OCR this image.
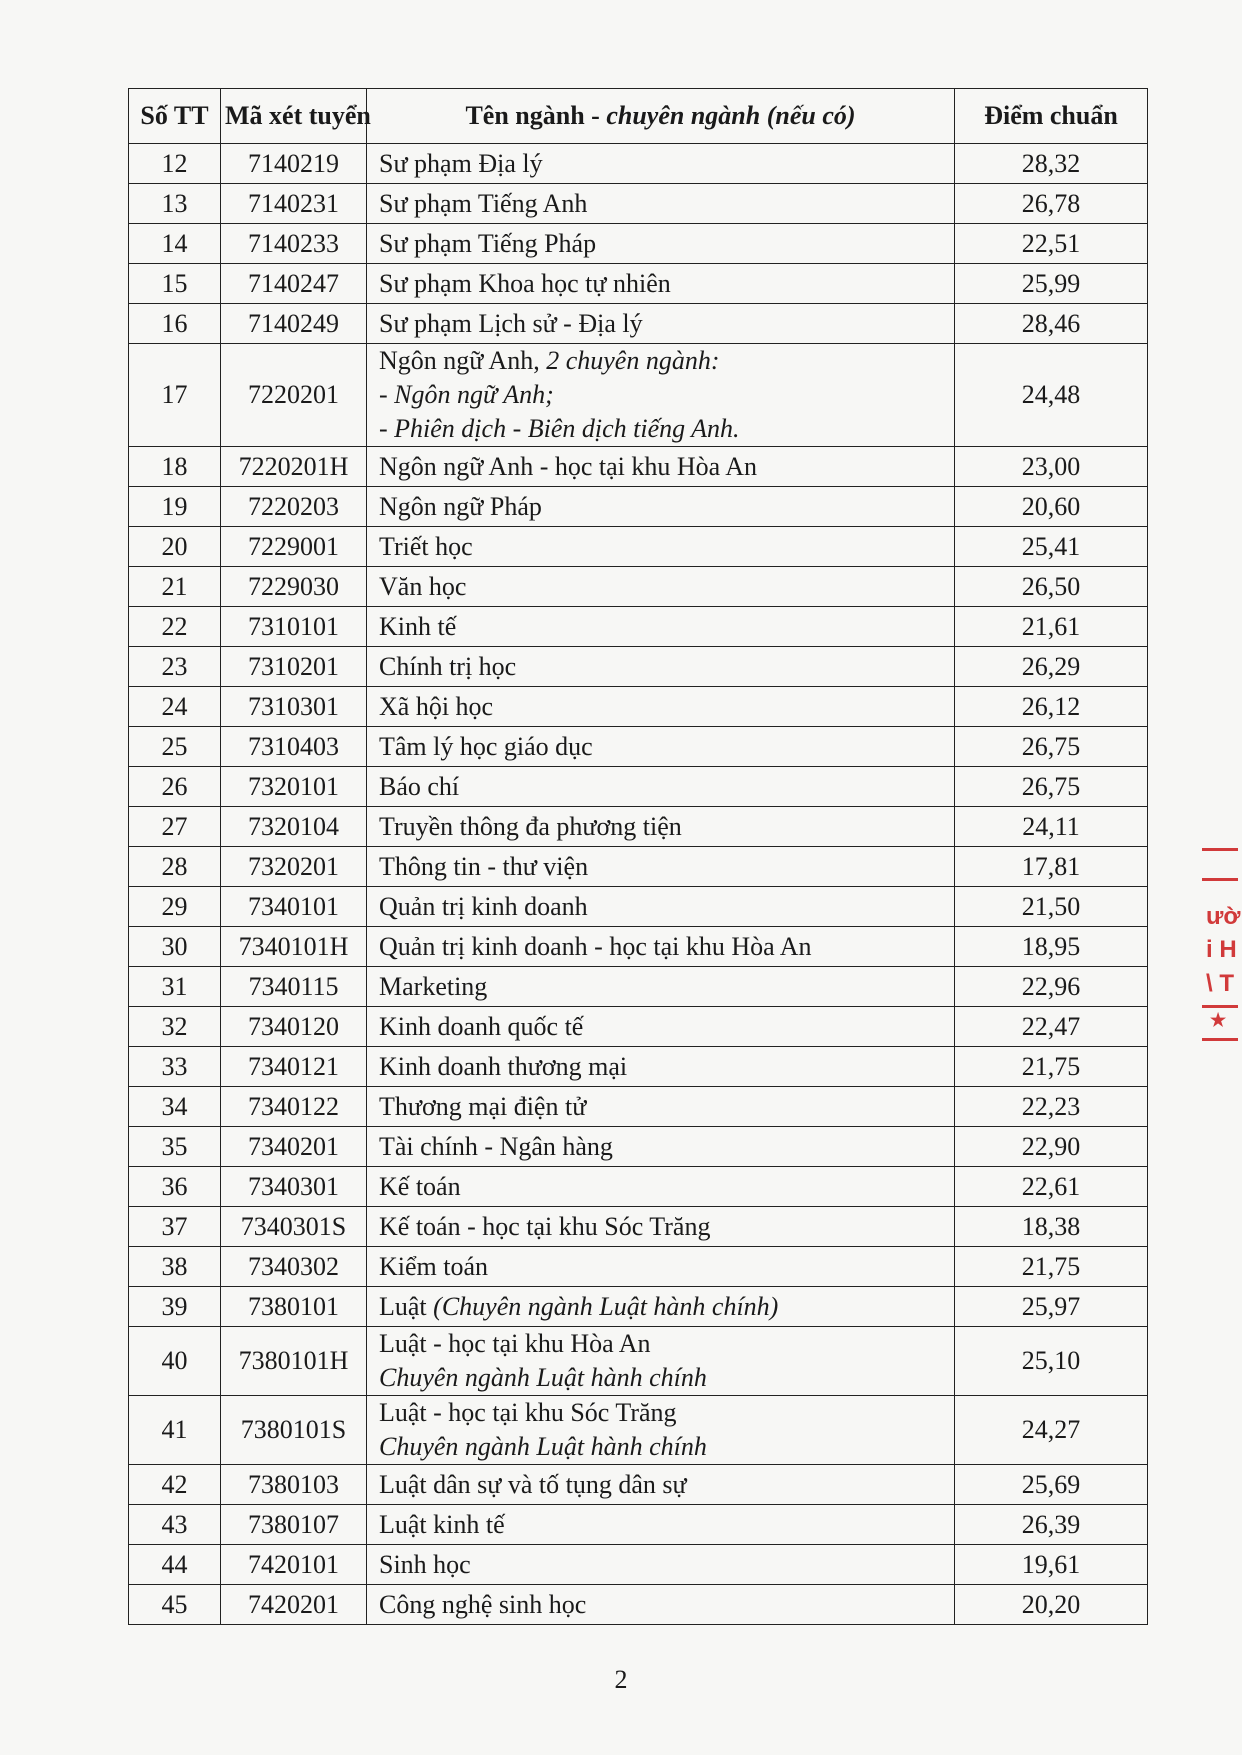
Số TT	Mã xét tuyển	Tên ngành - chuyên ngành (nếu có)	Điểm chuẩn
12	7140219	Sư phạm Địa lý	28,32
13	7140231	Sư phạm Tiếng Anh	26,78
14	7140233	Sư phạm Tiếng Pháp	22,51
15	7140247	Sư phạm Khoa học tự nhiên	25,99
16	7140249	Sư phạm Lịch sử - Địa lý	28,46
17	7220201	Ngôn ngữ Anh, 2 chuyên ngành:
- Ngôn ngữ Anh;
- Phiên dịch - Biên dịch tiếng Anh.	24,48
18	7220201H	Ngôn ngữ Anh - học tại khu Hòa An	23,00
19	7220203	Ngôn ngữ Pháp	20,60
20	7229001	Triết học	25,41
21	7229030	Văn học	26,50
22	7310101	Kinh tế	21,61
23	7310201	Chính trị học	26,29
24	7310301	Xã hội học	26,12
25	7310403	Tâm lý học giáo dục	26,75
26	7320101	Báo chí	26,75
27	7320104	Truyền thông đa phương tiện	24,11
28	7320201	Thông tin - thư viện	17,81
29	7340101	Quản trị kinh doanh	21,50
30	7340101H	Quản trị kinh doanh - học tại khu Hòa An	18,95
31	7340115	Marketing	22,96
32	7340120	Kinh doanh quốc tế	22,47
33	7340121	Kinh doanh thương mại	21,75
34	7340122	Thương mại điện tử	22,23
35	7340201	Tài chính - Ngân hàng	22,90
36	7340301	Kế toán	22,61
37	7340301S	Kế toán - học tại khu Sóc Trăng	18,38
38	7340302	Kiểm toán	21,75
39	7380101	Luật (Chuyên ngành Luật hành chính)	25,97
40	7380101H	Luật - học tại khu Hòa An
Chuyên ngành Luật hành chính	25,10
41	7380101S	Luật - học tại khu Sóc Trăng
Chuyên ngành Luật hành chính	24,27
42	7380103	Luật dân sự và tố tụng dân sự	25,69
43	7380107	Luật kinh tế	26,39
44	7420101	Sinh học	19,61
45	7420201	Công nghệ sinh học	20,20
2
ườ
i H
\ T
★
